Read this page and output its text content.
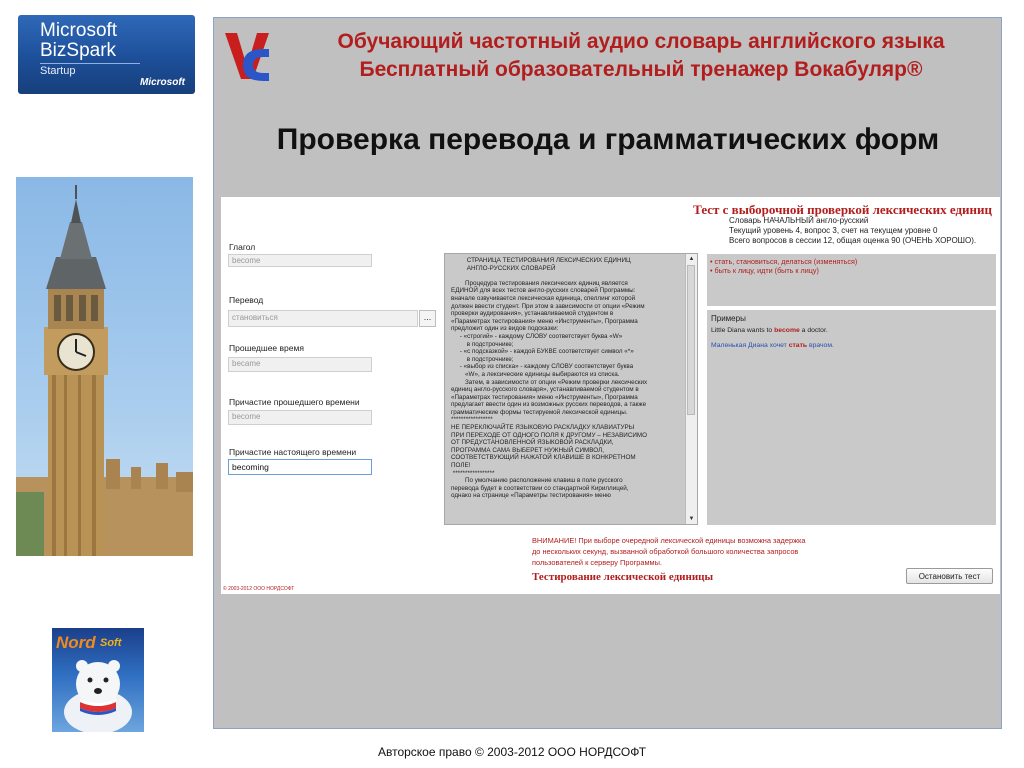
Microsoft
BizSpark
Startup
Microsoft
Nord Soft
Обучающий частотный аудио словарь английского языка
Бесплатный образовательный тренажер Вокабуляр®
Проверка перевода и грамматических форм
Тест с выборочной проверкой лексических единиц
Словарь НАЧАЛЬНЫЙ англо-русский
Текущий уровень 4, вопрос 3, счет на текущем уровне 0
Всего вопросов в сессии 12, общая оценка 90 (ОЧЕНЬ ХОРОШО).
Глагол
become
Перевод
становиться	...
Прошедшее время
became
Причастие прошедшего времени
become
Причастие настоящего времени
becoming
СТРАНИЦА ТЕСТИРОВАНИЯ ЛЕКСИЧЕСКИХ ЕДИНИЦ
АНГЛО-РУССКИХ СЛОВАРЕЙ

Процедура тестирования лексических единиц является
ЕДИНОЙ для всех тестов англо-русских словарей Программы:
вначале озвучивается лексическая единица, спеллинг которой
должен ввести студент. При этом в зависимости от опции «Режим
проверки аудирования», устанавливаемой студентом в
«Параметрах тестирования» меню «Инструменты», Программа
предложит один из видов подсказки:
- «строгий» - каждому СЛОВУ соответствует буква «W»
в подстрочнике;
- «с подсказкой» - каждой БУКВЕ соответствует символ «*»
в подстрочнике;
- «выбор из списка» - каждому СЛОВУ соответствует буква
«W», а лексические единицы выбираются из списка.
Затем, в зависимости от опции «Режим проверки лексических
единиц англо-русского словаря», устанавливаемой студентом в
«Параметрах тестирования» меню «Инструменты», Программа
предлагает ввести один из возможных русских переводов, а также
грамматические формы тестируемой лексической единицы.
*****************
НЕ ПЕРЕКЛЮЧАЙТЕ ЯЗЫКОВУЮ РАСКЛАДКУ КЛАВИАТУРЫ
ПРИ ПЕРЕХОДЕ ОТ ОДНОГО ПОЛЯ К ДРУГОМУ – НЕЗАВИСИМО
ОТ ПРЕДУСТАНОВЛЕННОЙ ЯЗЫКОВОЙ РАСКЛАДКИ,
ПРОГРАММА САМА ВЫБЕРЕТ НУЖНЫЙ СИМВОЛ,
СООТВЕТСТВУЮЩИЙ НАЖАТОЙ КЛАВИШЕ В КОНКРЕТНОМ
ПОЛЕ!
*****************
По умолчанию расположение клавиш в поле русского
перевода будет в соответствии со стандартной Кириллицей,
однако на странице «Параметры тестирования» меню
▲
▼
• стать, становиться, делаться (изменяться)
• быть к лицу, идти (быть к лицу)
Примеры
Little Diana wants to become a doctor.
Маленькая Диана хочет стать врачом.
ВНИМАНИЕ! При выборе очередной лексической единицы возможна задержка
до нескольких секунд, вызванной обработкой большого количества запросов
пользователей к серверу Программы.
Тестирование лексической единицы	Остановить тест
© 2003-2012 ООО НОРДСОФТ
Авторское право © 2003-2012 ООО НОРДСОФТ
